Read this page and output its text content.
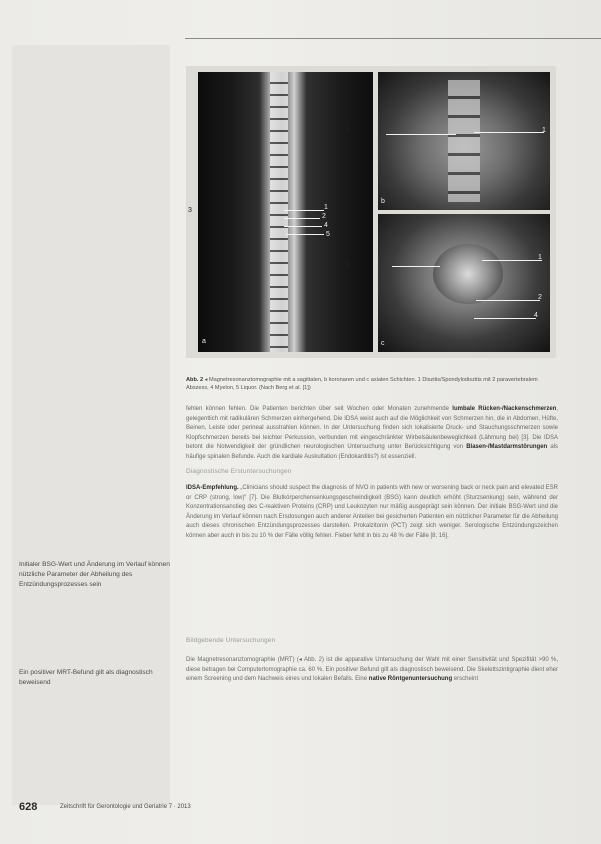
a
1
2
4
5
3
b
1
3
c
1
2
4
3
Abb. 2 ◂ Magnetresonanztomographie mit a sagittalen, b koronaren und c axialen Schichten. 1 Diszitis/Spondylodiszitis mit 2 paravertebralem Abszess, 4 Myelon, 5 Liquor. (Nach Berg et al. [1])
fehlen können fehlen. Die Patienten berichten über seit Wochen oder Monaten zunehmende lumbale Rücken-/Nackenschmerzen, gelegentlich mit radikulären Schmerzen einhergehend. Die IDSA weist auch auf die Möglichkeit von Schmerzen hin, die in Abdomen, Hüfte, Beinen, Leiste oder perineal ausstrahlen können. In der Untersuchung finden sich lokalisierte Druck- und Stauchungsschmerzen sowie Klopfschmerzen bereits bei leichter Perkussion, verbunden mit eingeschränkter Wirbelsäulenbeweglichkeit (Lähmung bei) [3]. Die IDSA betont die Notwendigkeit der gründlichen neurologischen Untersuchung unter Berücksichtigung von Blasen-/Mastdarmstörungen als häufige spinalen Befunde. Auch die kardiale Auskultation (Endokarditis?) ist essenziell.
Diagnostische Erstuntersuchungen
IDSA-Empfehlung. „Clinicians should suspect the diagnosis of NVO in patients with new or worsening back or neck pain and elevated ESR or CRP (strong, low)“ [7]. Die Blutkörperchensenkungsgeschwindigkeit (BSG) kann deutlich erhöht (Sturzsenkung) sein, während der Konzentrationsanstieg des C-reaktiven Proteins (CRP) und Leukozyten nur mäßig ausgeprägt sein können. Der initiale BSG-Wert und die Änderung im Verlauf können nach Ersdosungen auch anderer Anteilen bei gesicherten Patienten ein nützlicher Parameter für die Abheilung auch dieses chronischen Entzündungsprozesses darstellen. Prokalzitonin (PCT) zeigt sich weniger. Serologische Entzündungszeichen können aber auch in bis zu 10 % der Fälle völlig fehlen. Fieber fehlt in bis zu 48 % der Fälle [8, 16].
Bildgebende Untersuchungen
Die Magnetresonanztomographie (MRT) (◂ Abb. 2) ist die apparative Untersuchung der Wahl mit einer Sensitivität und Spezifität >90 %, diese betragen bei Computertomographie ca. 60 %. Ein positiver Befund gilt als diagnostisch beweisend. Die Skelettszintigraphie dient eher einem Screening und dem Nachweis eines und lokalen Befalls. Eine native Röntgenuntersuchung erscheint
Initialer BSG-Wert und Änderung im Verlauf können nützliche Parameter der Abheilung des Entzündungsprozesses sein
Ein positiver MRT-Befund gilt als diagnostisch beweisend
628	Zeitschrift für Gerontologie und Geriatrie 7 · 2013
